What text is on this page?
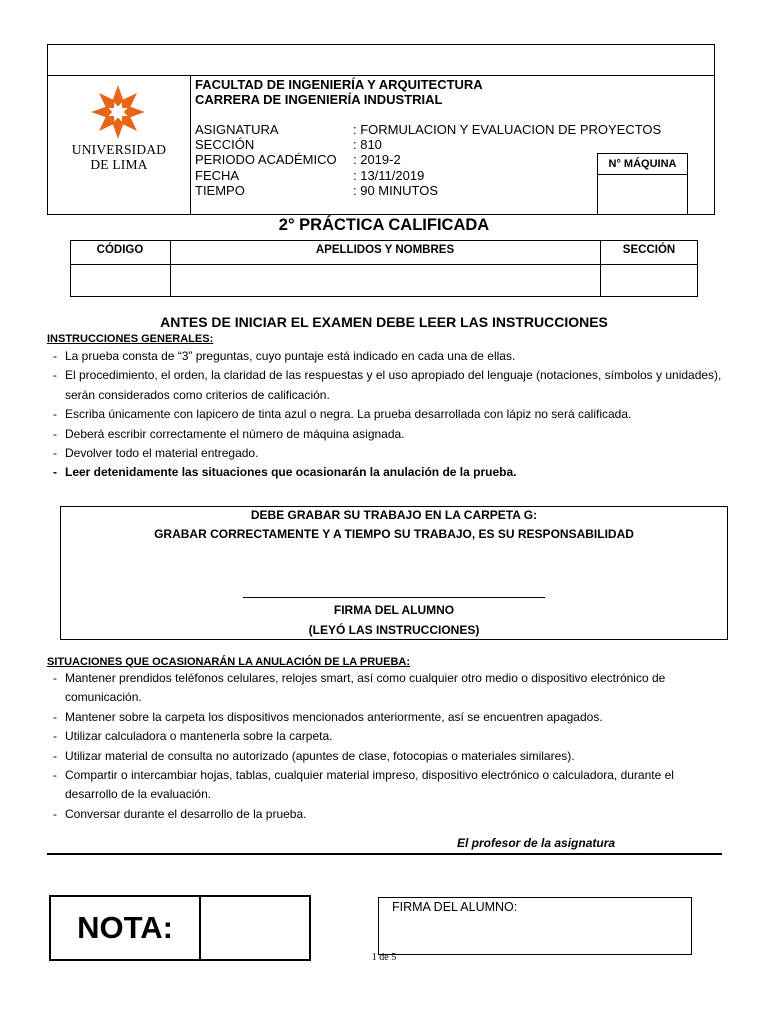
UNIVERSIDAD
DE LIMA
FACULTAD DE INGENIERÍA Y ARQUITECTURA
CARRERA DE INGENIERÍA INDUSTRIAL
ASIGNATURA	: FORMULACION Y EVALUACION DE PROYECTOS
SECCIÓN	: 810
PERIODO ACADÉMICO : 2019-2
FECHA	: 13/11/2019
TIEMPO	: 90 MINUTOS
N° MÁQUINA
2° PRÁCTICA CALIFICADA
CÓDIGO	APELLIDOS Y NOMBRES	SECCIÓN
ANTES DE INICIAR EL EXAMEN DEBE LEER LAS INSTRUCCIONES
INSTRUCCIONES GENERALES:
- La prueba consta de “3” preguntas, cuyo puntaje está indicado en cada una de ellas.
- El procedimiento, el orden, la claridad de las respuestas y el uso apropiado del lenguaje (notaciones, símbolos y unidades), serán considerados como criterios de calificación.
- Escriba únicamente con lapicero de tinta azul o negra. La prueba desarrollada con lápiz no será calificada.
- Deberá escribir correctamente el número de máquina asignada.
- Devolver todo el material entregado.
- Leer detenidamente las situaciones que ocasionarán la anulación de la prueba.
DEBE GRABAR SU TRABAJO EN LA CARPETA G:
GRABAR CORRECTAMENTE Y A TIEMPO SU TRABAJO, ES SU RESPONSABILIDAD
FIRMA DEL ALUMNO
(LEYÓ LAS INSTRUCCIONES)
SITUACIONES QUE OCASIONARÁN LA ANULACIÓN DE LA PRUEBA:
- Mantener prendidos teléfonos celulares, relojes smart, así como cualquier otro medio o dispositivo electrónico de comunicación.
- Mantener sobre la carpeta los dispositivos mencionados anteriormente, así se encuentren apagados.
- Utilizar calculadora o mantenerla sobre la carpeta.
- Utilizar material de consulta no autorizado (apuntes de clase, fotocopias o materiales similares).
- Compartir o intercambiar hojas, tablas, cualquier material impreso, dispositivo electrónico o calculadora, durante el desarrollo de la evaluación.
- Conversar durante el desarrollo de la prueba.
El profesor de la asignatura
NOTA:
FIRMA DEL ALUMNO:
1 de 5
